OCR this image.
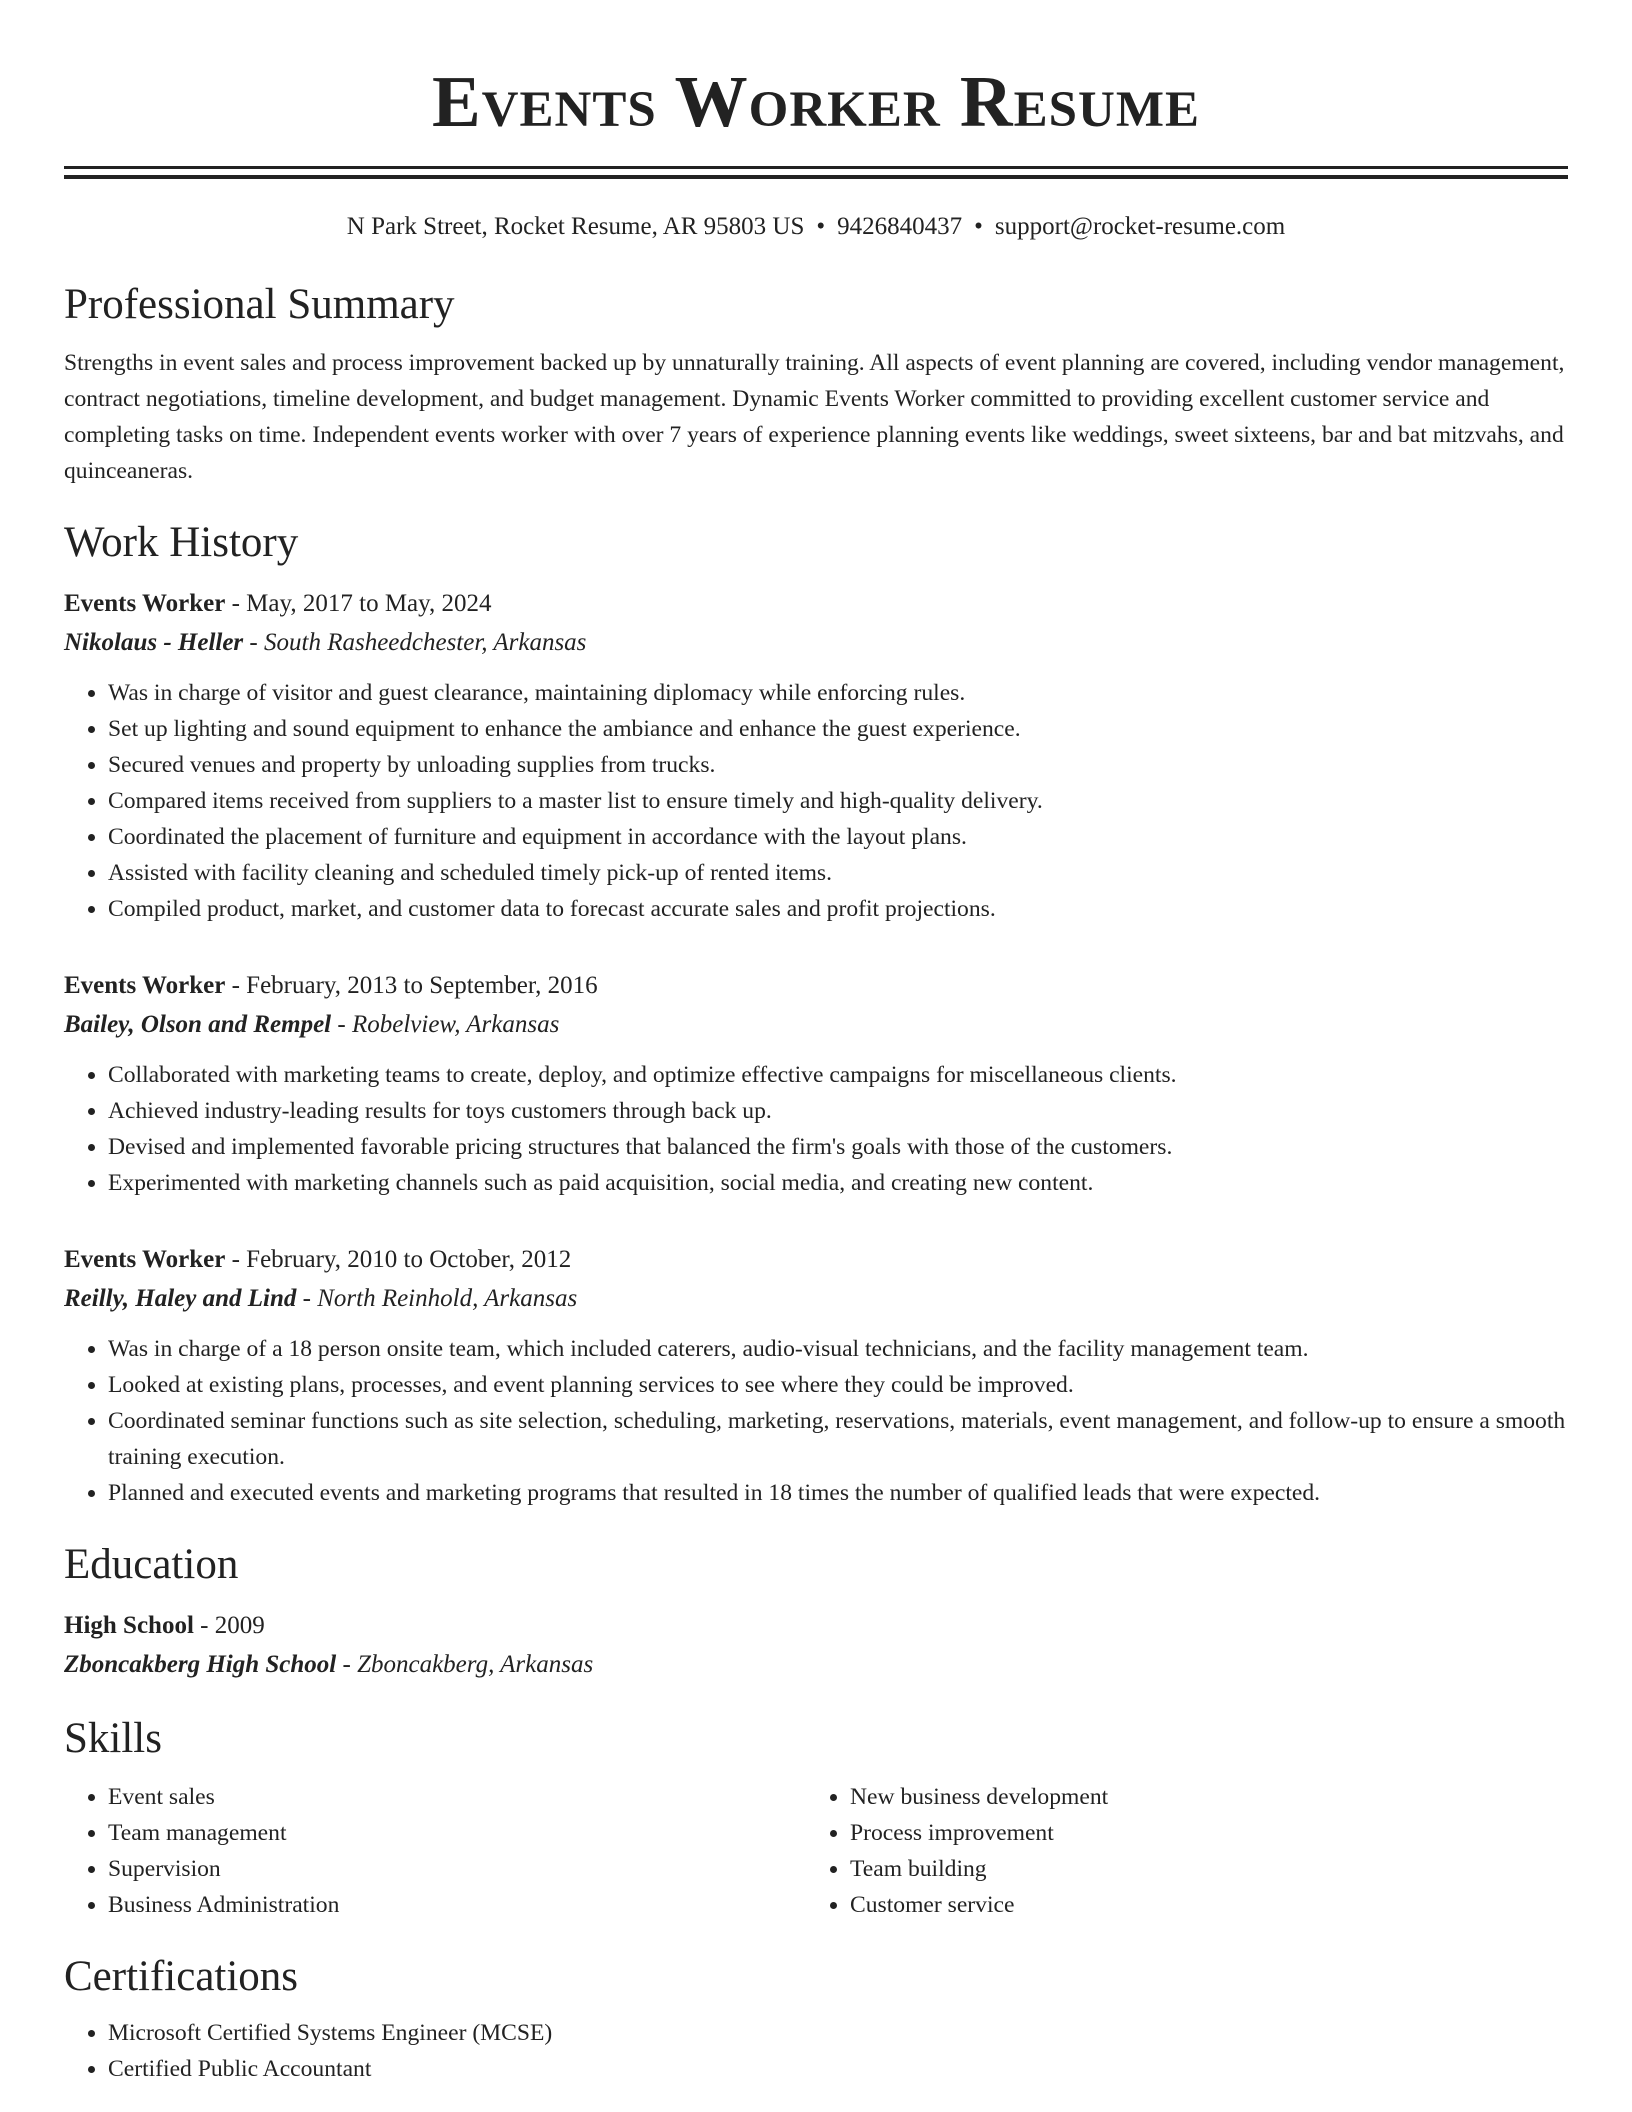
Events Worker Resume
N Park Street, Rocket Resume, AR 95803 US • 9426840437 • support@rocket-resume.com
Professional Summary
Strengths in event sales and process improvement backed up by unnaturally training. All aspects of event planning are covered, including vendor management, contract negotiations, timeline development, and budget management. Dynamic Events Worker committed to providing excellent customer service and completing tasks on time. Independent events worker with over 7 years of experience planning events like weddings, sweet sixteens, bar and bat mitzvahs, and quinceaneras.
Work History
Events Worker - May, 2017 to May, 2024
Nikolaus - Heller - South Rasheedchester, Arkansas
• Was in charge of visitor and guest clearance, maintaining diplomacy while enforcing rules.
• Set up lighting and sound equipment to enhance the ambiance and enhance the guest experience.
• Secured venues and property by unloading supplies from trucks.
• Compared items received from suppliers to a master list to ensure timely and high-quality delivery.
• Coordinated the placement of furniture and equipment in accordance with the layout plans.
• Assisted with facility cleaning and scheduled timely pick-up of rented items.
• Compiled product, market, and customer data to forecast accurate sales and profit projections.
Events Worker - February, 2013 to September, 2016
Bailey, Olson and Rempel - Robelview, Arkansas
• Collaborated with marketing teams to create, deploy, and optimize effective campaigns for miscellaneous clients.
• Achieved industry-leading results for toys customers through back up.
• Devised and implemented favorable pricing structures that balanced the firm's goals with those of the customers.
• Experimented with marketing channels such as paid acquisition, social media, and creating new content.
Events Worker - February, 2010 to October, 2012
Reilly, Haley and Lind - North Reinhold, Arkansas
• Was in charge of a 18 person onsite team, which included caterers, audio-visual technicians, and the facility management team.
• Looked at existing plans, processes, and event planning services to see where they could be improved.
• Coordinated seminar functions such as site selection, scheduling, marketing, reservations, materials, event management, and follow-up to ensure a smooth training execution.
• Planned and executed events and marketing programs that resulted in 18 times the number of qualified leads that were expected.
Education
High School - 2009
Zboncakberg High School - Zboncakberg, Arkansas
Skills
• Event sales
• Team management
• Supervision
• Business Administration
• New business development
• Process improvement
• Team building
• Customer service
Certifications
• Microsoft Certified Systems Engineer (MCSE)
• Certified Public Accountant
